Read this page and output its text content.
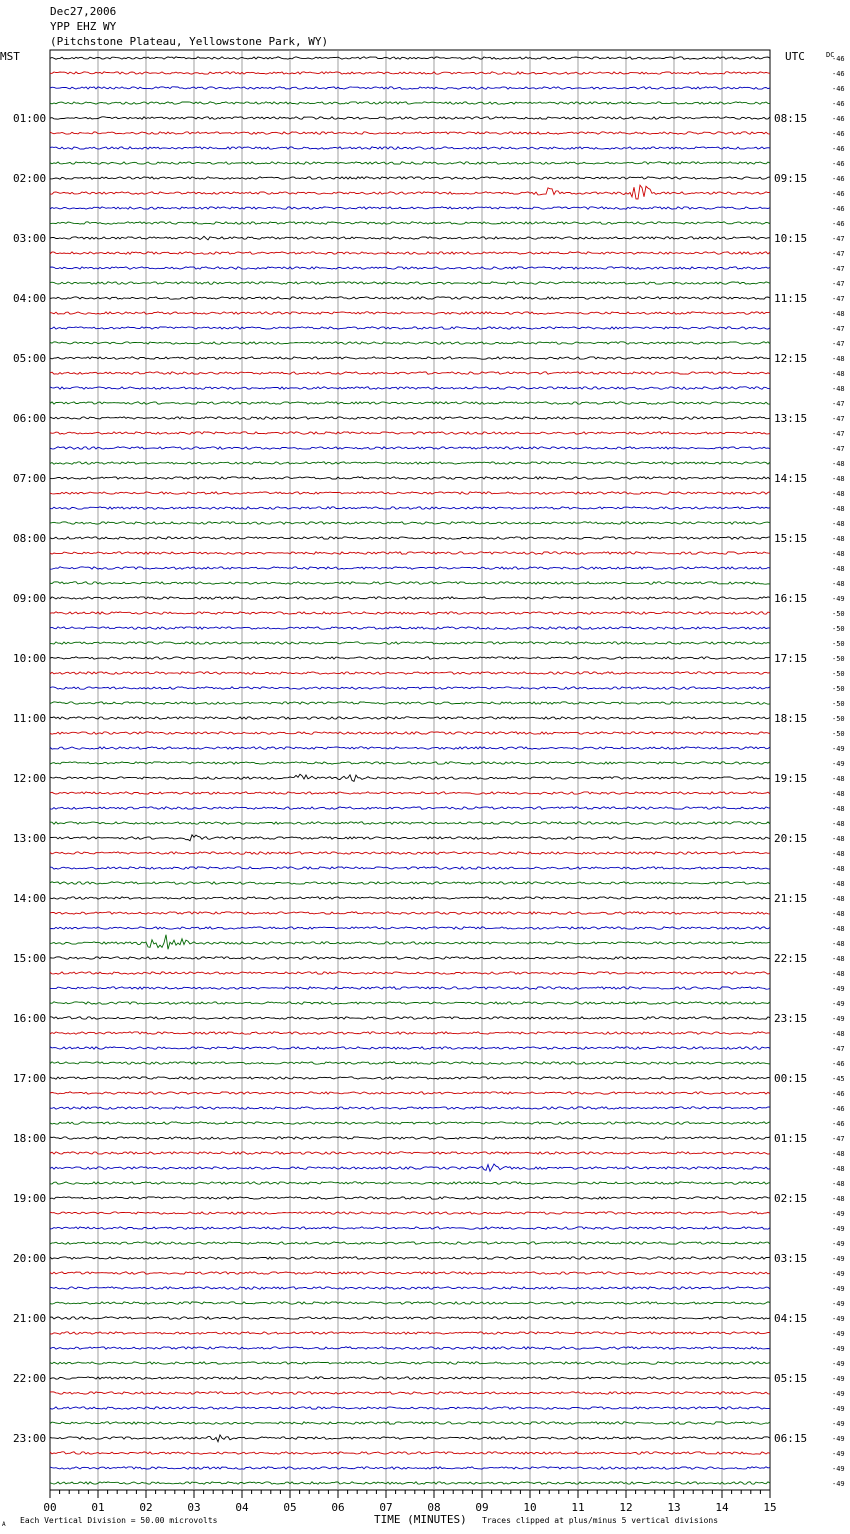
Dec27,2006
YPP EHZ WY
(Pitchstone Plateau, Yellowstone Park, WY)
MST	UTC	DC
-46
-46
-46
-46
-46
-46
-46
-46
-46
-46
-46
-46
-47
-47
-47
-47
-47
-48
-47
-47
-48
-48
-48
-47
-47
-47
-47
-48
-48
-48
-48
-48
-48
-48
-48
-48
-49
-50
-50
-50
-50
-50
-50
-50
-50
-50
-49
-49
-48
-48
-48
-48
-48
-48
-48
-48
-48
-48
-48
-48
-48
-48
-49
-49
-49
-48
-47
-46
-45
-46
-46
-46
-47
-48
-48
-48
-48
-49
-49
-49
-49
-49
-49
-49
-49
-49
-49
-49
-49
-49
-49
-49
-49
-49
-49
-49
01:00
02:00
03:00
04:00
05:00
06:00
07:00
08:00
09:00
10:00
11:00
12:00
13:00
14:00
15:00
16:00
17:00
18:00
19:00
20:00
21:00
22:00
23:00
08:15
09:15
10:15
11:15
12:15
13:15
14:15
15:15
16:15
17:15
18:15
19:15
20:15
21:15
22:15
23:15
00:15
01:15
02:15
03:15
04:15
05:15
06:15
00	01	02	03	04	05	06	07	08	09	10	11	12	13	14	15
A Each Vertical Division = 50.00 microvolts	TIME (MINUTES) Traces clipped at plus/minus 5 vertical divisions
